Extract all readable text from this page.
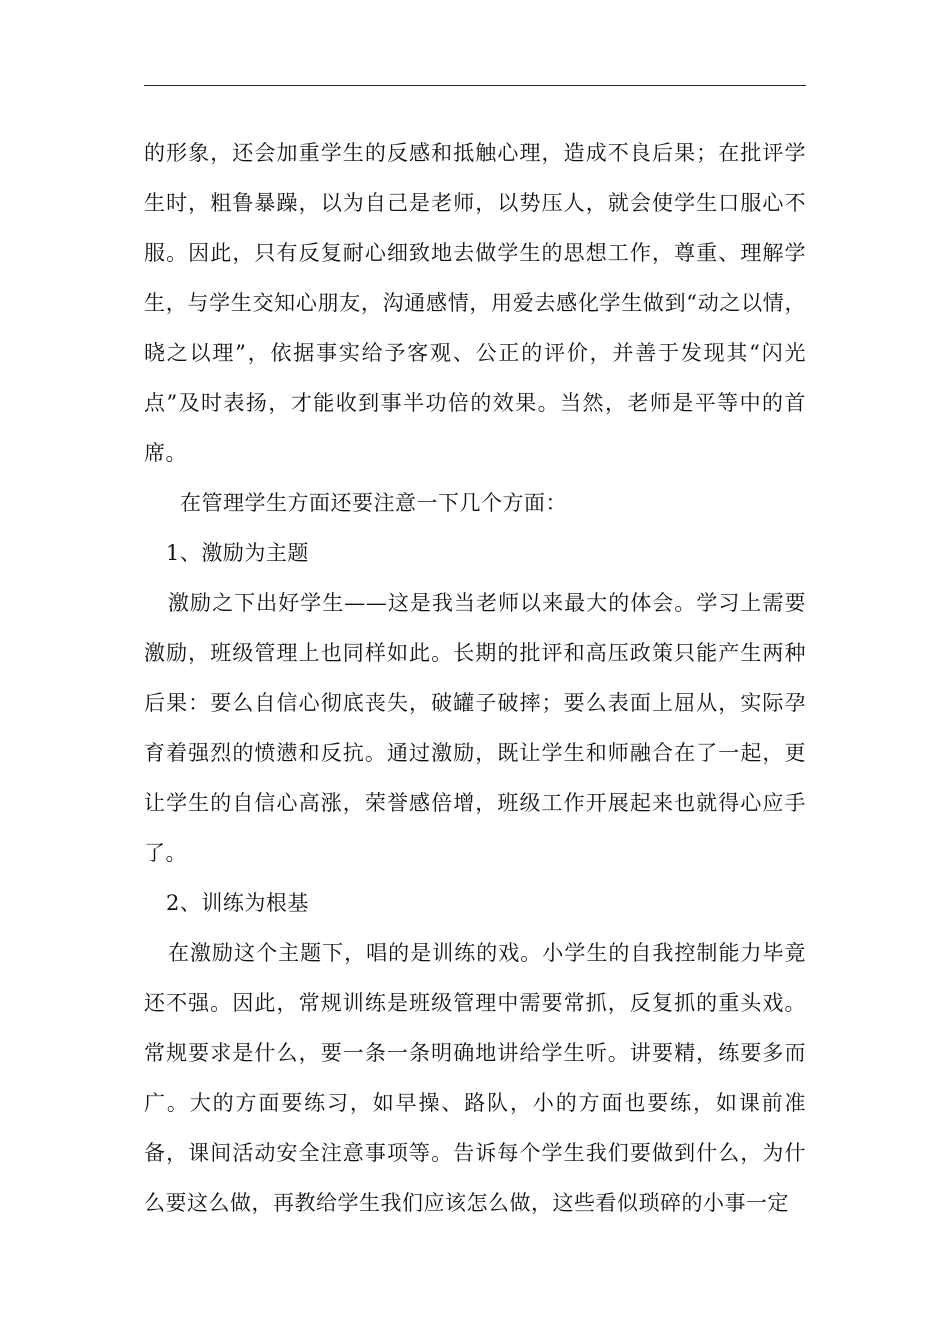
的形象，还会加重学生的反感和抵触心理，造成不良后果；在批评学生时，粗鲁暴躁，以为自己是老师，以势压人，就会使学生口服心不服。因此，只有反复耐心细致地去做学生的思想工作，尊重、理解学生，与学生交知心朋友，沟通感情，用爱去感化学生做到“动之以情，晓之以理”，依据事实给予客观、公正的评价，并善于发现其“闪光点”及时表扬，才能收到事半功倍的效果。当然，老师是平等中的首席。

在管理学生方面还要注意一下几个方面：

1、激励为主题

激励之下出好学生——这是我当老师以来最大的体会。学习上需要激励，班级管理上也同样如此。长期的批评和高压政策只能产生两种后果：要么自信心彻底丧失，破罐子破摔；要么表面上屈从，实际孕育着强烈的愤懑和反抗。通过激励，既让学生和师融合在了一起，更让学生的自信心高涨，荣誉感倍增，班级工作开展起来也就得心应手了。

2、训练为根基

在激励这个主题下，唱的是训练的戏。小学生的自我控制能力毕竟还不强。因此，常规训练是班级管理中需要常抓，反复抓的重头戏。常规要求是什么，要一条一条明确地讲给学生听。讲要精，练要多而广。大的方面要练习，如早操、路队，小的方面也要练，如课前准备，课间活动安全注意事项等。告诉每个学生我们要做到什么，为什么要这么做，再教给学生我们应该怎么做，这些看似琐碎的小事一定
